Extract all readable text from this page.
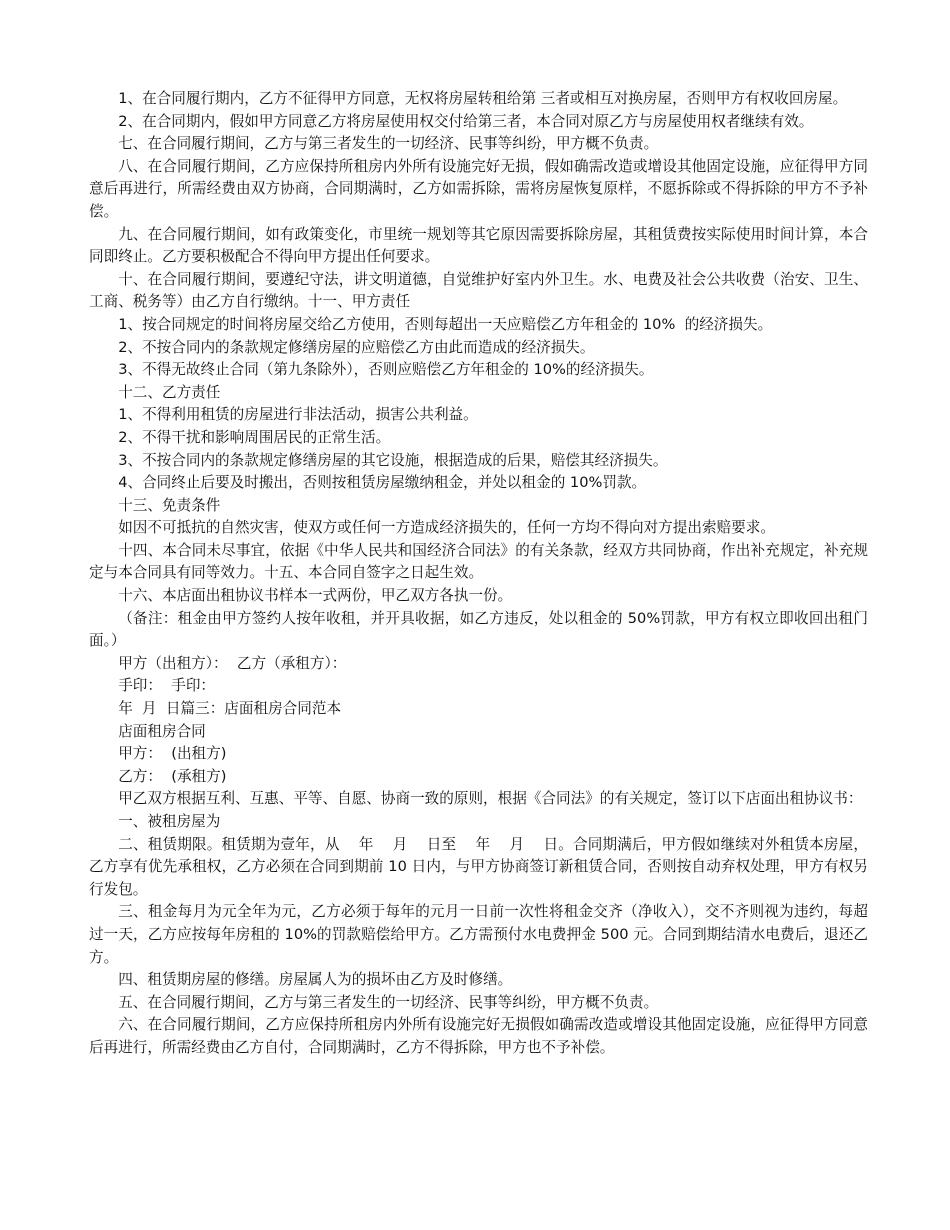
1、在合同履行期内，乙方不征得甲方同意，无权将房屋转租给第 三者或相互对换房屋，否则甲方有权收回房屋。

2、在合同期内，假如甲方同意乙方将房屋使用权交付给第三者，本合同对原乙方与房屋使用权者继续有效。

七、在合同履行期间，乙方与第三者发生的一切经济、民事等纠纷，甲方概不负责。

八、在合同履行期间，乙方应保持所租房内外所有设施完好无损，假如确需改造或增设其他固定设施，应征得甲方同意后再进行，所需经费由双方协商，合同期满时，乙方如需拆除，需将房屋恢复原样，不愿拆除或不得拆除的甲方不予补偿。

九、在合同履行期间，如有政策变化，市里统一规划等其它原因需要拆除房屋，其租赁费按实际使用时间计算，本合同即终止。乙方要积极配合不得向甲方提出任何要求。

十、在合同履行期间，要遵纪守法，讲文明道德，自觉维护好室内外卫生。水、电费及社会公共收费（治安、卫生、工商、税务等）由乙方自行缴纳。十一、甲方责任

1、按合同规定的时间将房屋交给乙方使用，否则每超出一天应赔偿乙方年租金的 10%  的经济损失。

2、不按合同内的条款规定修缮房屋的应赔偿乙方由此而造成的经济损失。

3、不得无故终止合同（第九条除外），否则应赔偿乙方年租金的 10%的经济损失。

十二、乙方责任

1、不得利用租赁的房屋进行非法活动，损害公共利益。

2、不得干扰和影响周围居民的正常生活。

3、不按合同内的条款规定修缮房屋的其它设施，根据造成的后果，赔偿其经济损失。

4、合同终止后要及时搬出，否则按租赁房屋缴纳租金，并处以租金的 10%罚款。

十三、免责条件

如因不可抵抗的自然灾害，使双方或任何一方造成经济损失的，任何一方均不得向对方提出索赔要求。

十四、本合同未尽事宜，依据《中华人民共和国经济合同法》的有关条款，经双方共同协商，作出补充规定，补充规定与本合同具有同等效力。十五、本合同自签字之日起生效。

十六、本店面出租协议书样本一式两份，甲乙双方各执一份。

（备注：租金由甲方签约人按年收租，并开具收据，如乙方违反，处以租金的 50%罚款，甲方有权立即收回出租门面。）

甲方（出租方）：  乙方（承租方）：

手印：  手印：

年  月  日篇三：店面租房合同范本

店面租房合同

甲方：  (出租方)

乙方：  (承租方)

甲乙双方根据互利、互惠、平等、自愿、协商一致的原则，根据《合同法》的有关规定，签订以下店面出租协议书：

一、被租房屋为

二、租赁期限。租赁期为壹年，从    年    月    日至    年    月    日。合同期满后，甲方假如继续对外租赁本房屋，乙方享有优先承租权，乙方必须在合同到期前 10 日内，与甲方协商签订新租赁合同，否则按自动弃权处理，甲方有权另行发包。

三、租金每月为元全年为元，乙方必须于每年的元月一日前一次性将租金交齐（净收入），交不齐则视为违约，每超过一天，乙方应按每年房租的 10%的罚款赔偿给甲方。乙方需预付水电费押金 500 元。合同到期结清水电费后，退还乙方。

四、租赁期房屋的修缮。房屋属人为的损坏由乙方及时修缮。

五、在合同履行期间，乙方与第三者发生的一切经济、民事等纠纷，甲方概不负责。

六、在合同履行期间，乙方应保持所租房内外所有设施完好无损假如确需改造或增设其他固定设施，应征得甲方同意后再进行，所需经费由乙方自付，合同期满时，乙方不得拆除，甲方也不予补偿。
